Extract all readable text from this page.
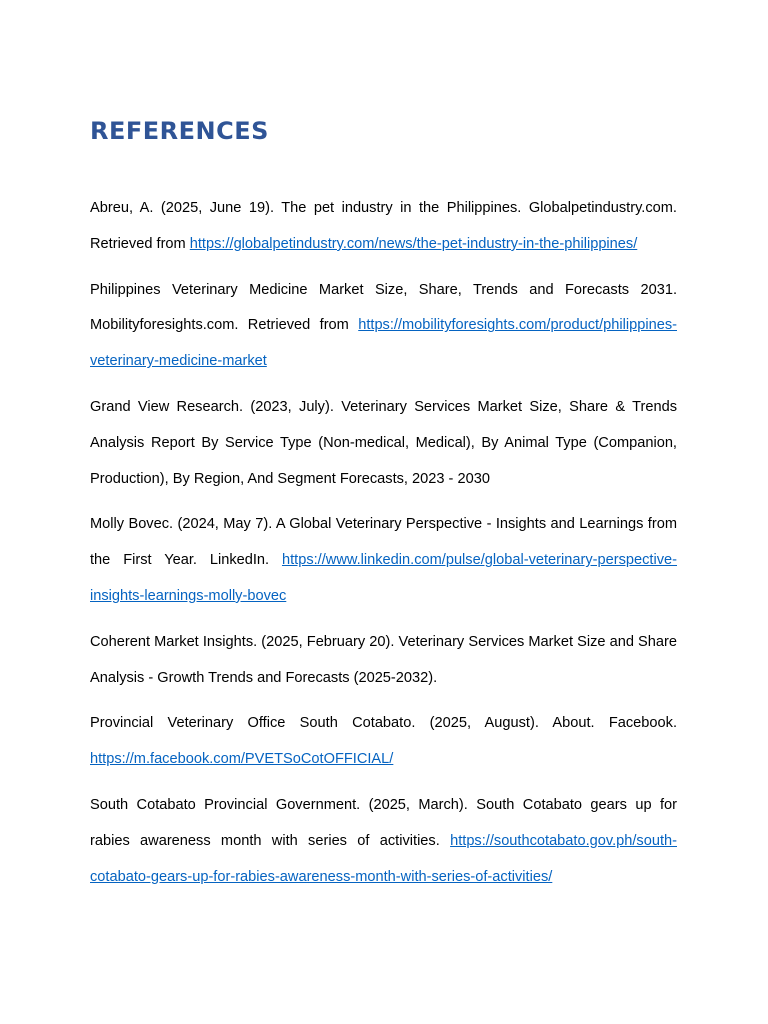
REFERENCES

Abreu, A. (2025, June 19). The pet industry in the Philippines. Globalpetindustry.com. Retrieved from https://globalpetindustry.com/news/the-pet-industry-in-the-philippines/

Philippines Veterinary Medicine Market Size, Share, Trends and Forecasts 2031. Mobilityforesights.com. Retrieved from https://mobilityforesights.com/product/philippines-veterinary-medicine-market

Grand View Research. (2023, July). Veterinary Services Market Size, Share & Trends Analysis Report By Service Type (Non-medical, Medical), By Animal Type (Companion, Production), By Region, And Segment Forecasts, 2023 - 2030

Molly Bovec. (2024, May 7). A Global Veterinary Perspective - Insights and Learnings from the First Year. LinkedIn. https://www.linkedin.com/pulse/global-veterinary-perspective-insights-learnings-molly-bovec

Coherent Market Insights. (2025, February 20). Veterinary Services Market Size and Share Analysis - Growth Trends and Forecasts (2025-2032).

Provincial Veterinary Office South Cotabato. (2025, August). About. Facebook. https://m.facebook.com/PVETSoCotOFFICIAL/

South Cotabato Provincial Government. (2025, March). South Cotabato gears up for rabies awareness month with series of activities. https://southcotabato.gov.ph/south-cotabato-gears-up-for-rabies-awareness-month-with-series-of-activities/
